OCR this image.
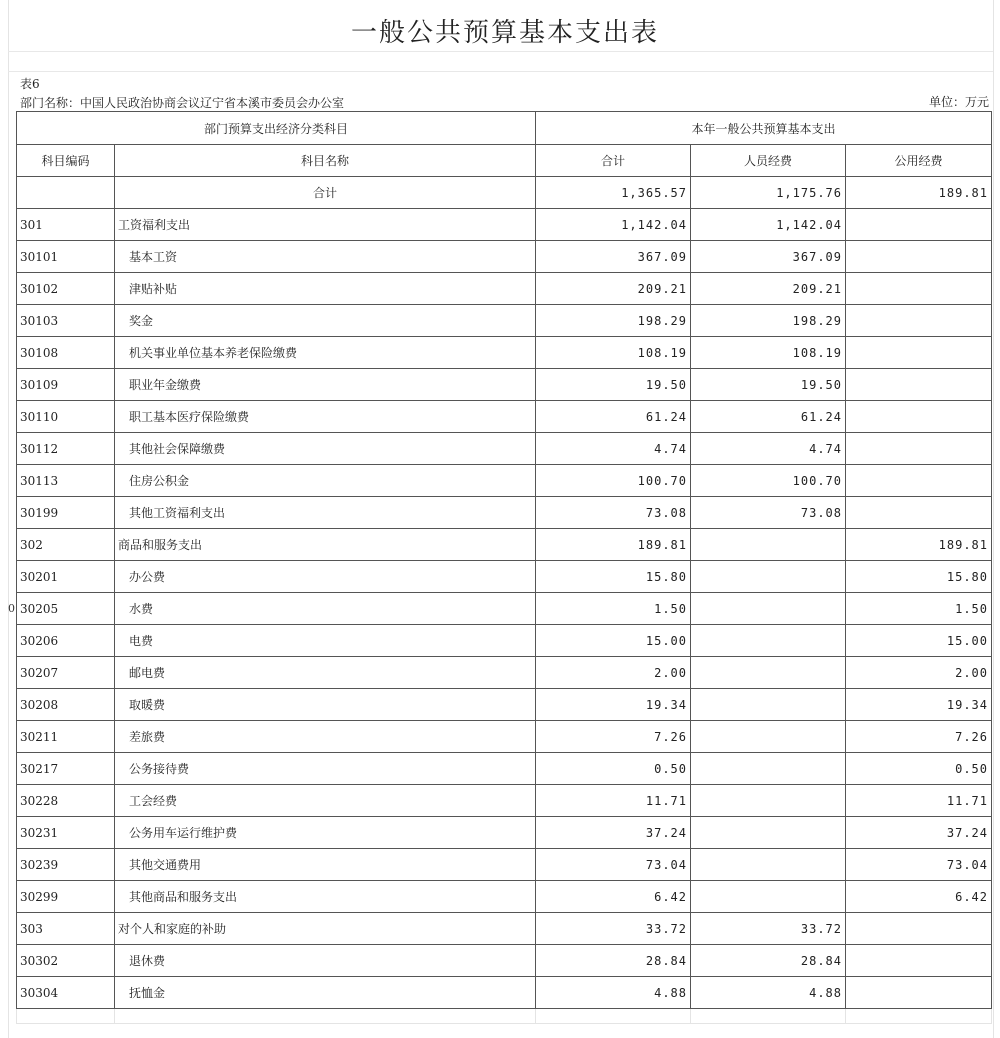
一般公共预算基本支出表
表6
部门名称：中国人民政治协商会议辽宁省本溪市委员会办公室	单位：万元
0
部门预算支出经济分类科目		本年一般公共预算基本支出		
科目编码	科目名称	合计	人员经费	公用经费
	合计	1,365.57	1,175.76	189.81
301	工资福利支出	1,142.04	1,142.04	
30101	基本工资	367.09	367.09	
30102	津贴补贴	209.21	209.21	
30103	奖金	198.29	198.29	
30108	机关事业单位基本养老保险缴费	108.19	108.19	
30109	职业年金缴费	19.50	19.50	
30110	职工基本医疗保险缴费	61.24	61.24	
30112	其他社会保障缴费	4.74	4.74	
30113	住房公积金	100.70	100.70	
30199	其他工资福利支出	73.08	73.08	
302	商品和服务支出	189.81		189.81
30201	办公费	15.80		15.80
30205	水费	1.50		1.50
30206	电费	15.00		15.00
30207	邮电费	2.00		2.00
30208	取暖费	19.34		19.34
30211	差旅费	7.26		7.26
30217	公务接待费	0.50		0.50
30228	工会经费	11.71		11.71
30231	公务用车运行维护费	37.24		37.24
30239	其他交通费用	73.04		73.04
30299	其他商品和服务支出	6.42		6.42
303	对个人和家庭的补助	33.72	33.72	
30302	退休费	28.84	28.84	
30304	抚恤金	4.88	4.88	
